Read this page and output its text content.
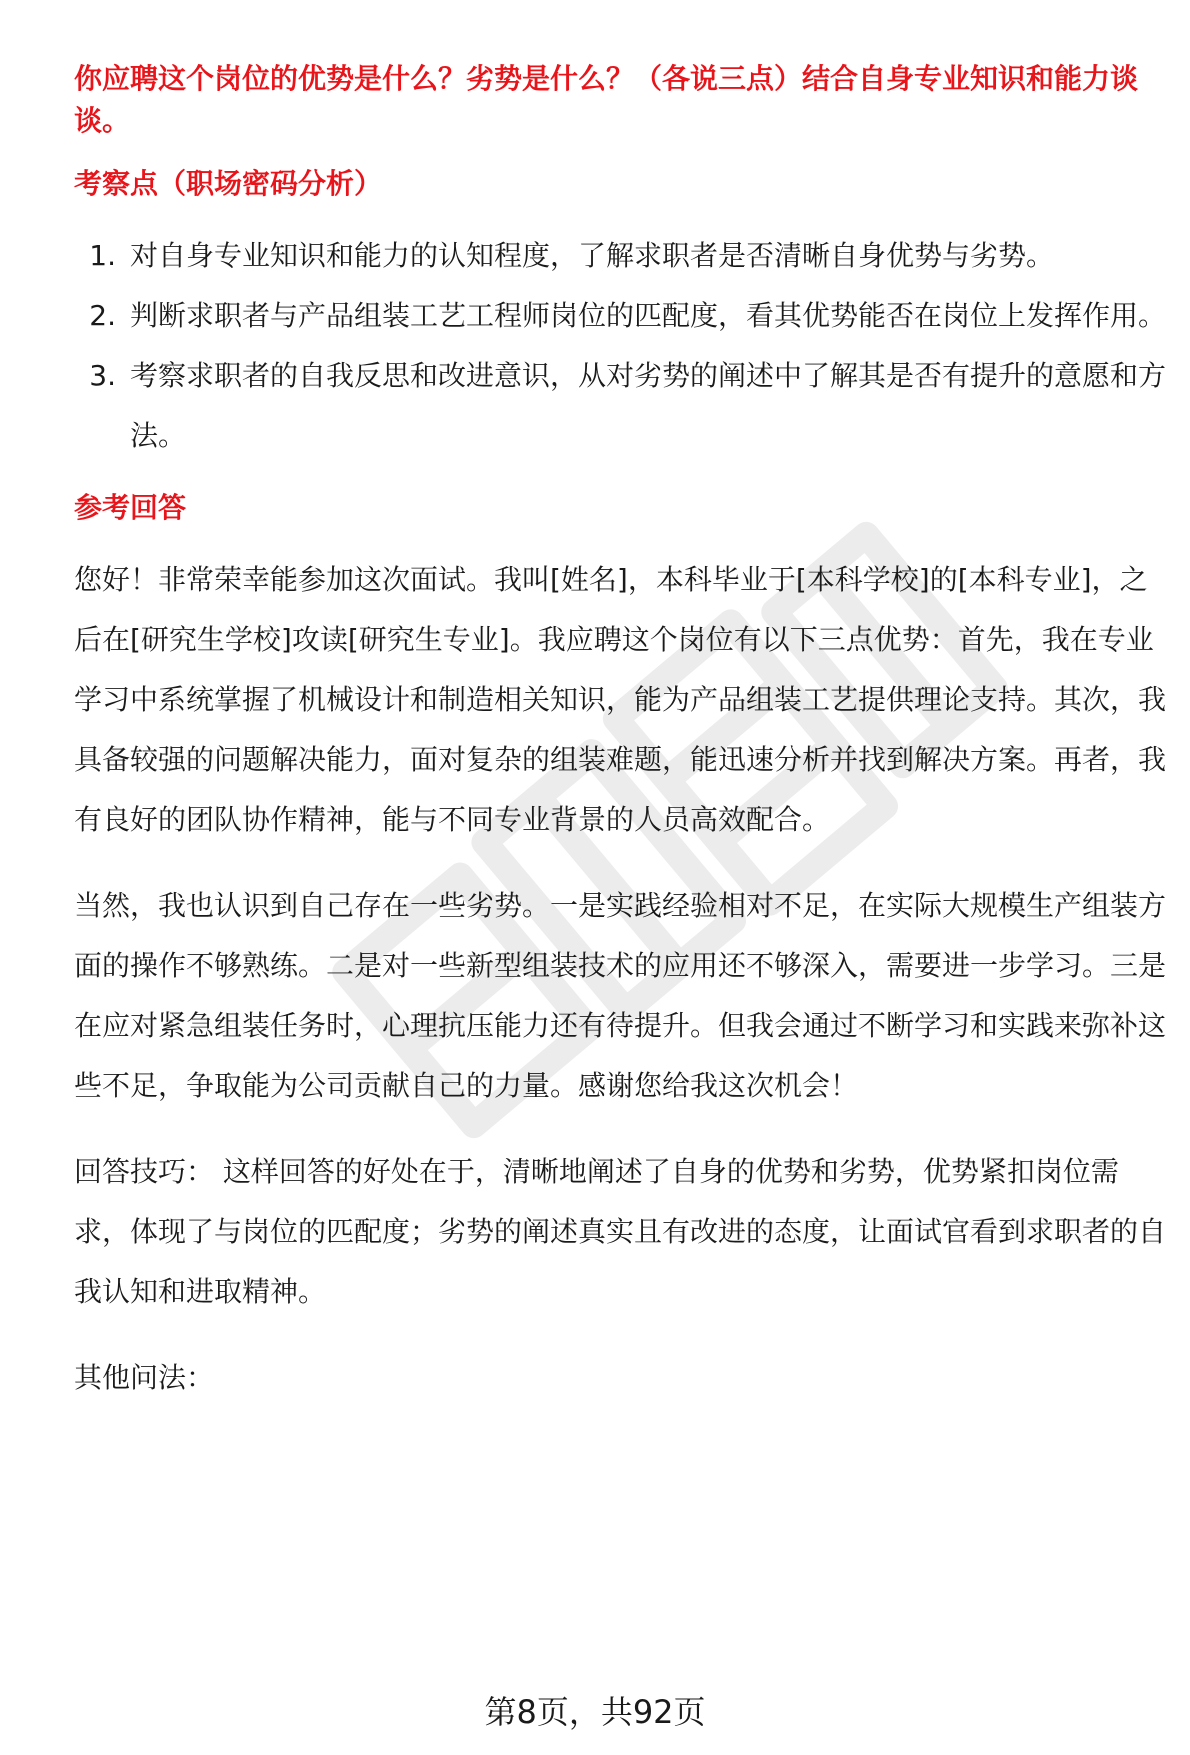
你应聘这个岗位的优势是什么？劣势是什么？（各说三点）结合自身专业知识和能力谈谈。

考察点（职场密码分析）

1. 对自身专业知识和能力的认知程度，了解求职者是否清晰自身优势与劣势。
2. 判断求职者与产品组装工艺工程师岗位的匹配度，看其优势能否在岗位上发挥作用。
3. 考察求职者的自我反思和改进意识，从对劣势的阐述中了解其是否有提升的意愿和方法。

参考回答

您好！非常荣幸能参加这次面试。我叫[姓名]，本科毕业于[本科学校]的[本科专业]，之后在[研究生学校]攻读[研究生专业]。我应聘这个岗位有以下三点优势：首先，我在专业学习中系统掌握了机械设计和制造相关知识，能为产品组装工艺提供理论支持。其次，我具备较强的问题解决能力，面对复杂的组装难题，能迅速分析并找到解决方案。再者，我有良好的团队协作精神，能与不同专业背景的人员高效配合。

当然，我也认识到自己存在一些劣势。一是实践经验相对不足，在实际大规模生产组装方面的操作不够熟练。二是对一些新型组装技术的应用还不够深入，需要进一步学习。三是在应对紧急组装任务时，心理抗压能力还有待提升。但我会通过不断学习和实践来弥补这些不足，争取能为公司贡献自己的力量。感谢您给我这次机会！

回答技巧： 这样回答的好处在于，清晰地阐述了自身的优势和劣势，优势紧扣岗位需求，体现了与岗位的匹配度；劣势的阐述真实且有改进的态度，让面试官看到求职者的自我认知和进取精神。

其他问法：

第8页，共92页
